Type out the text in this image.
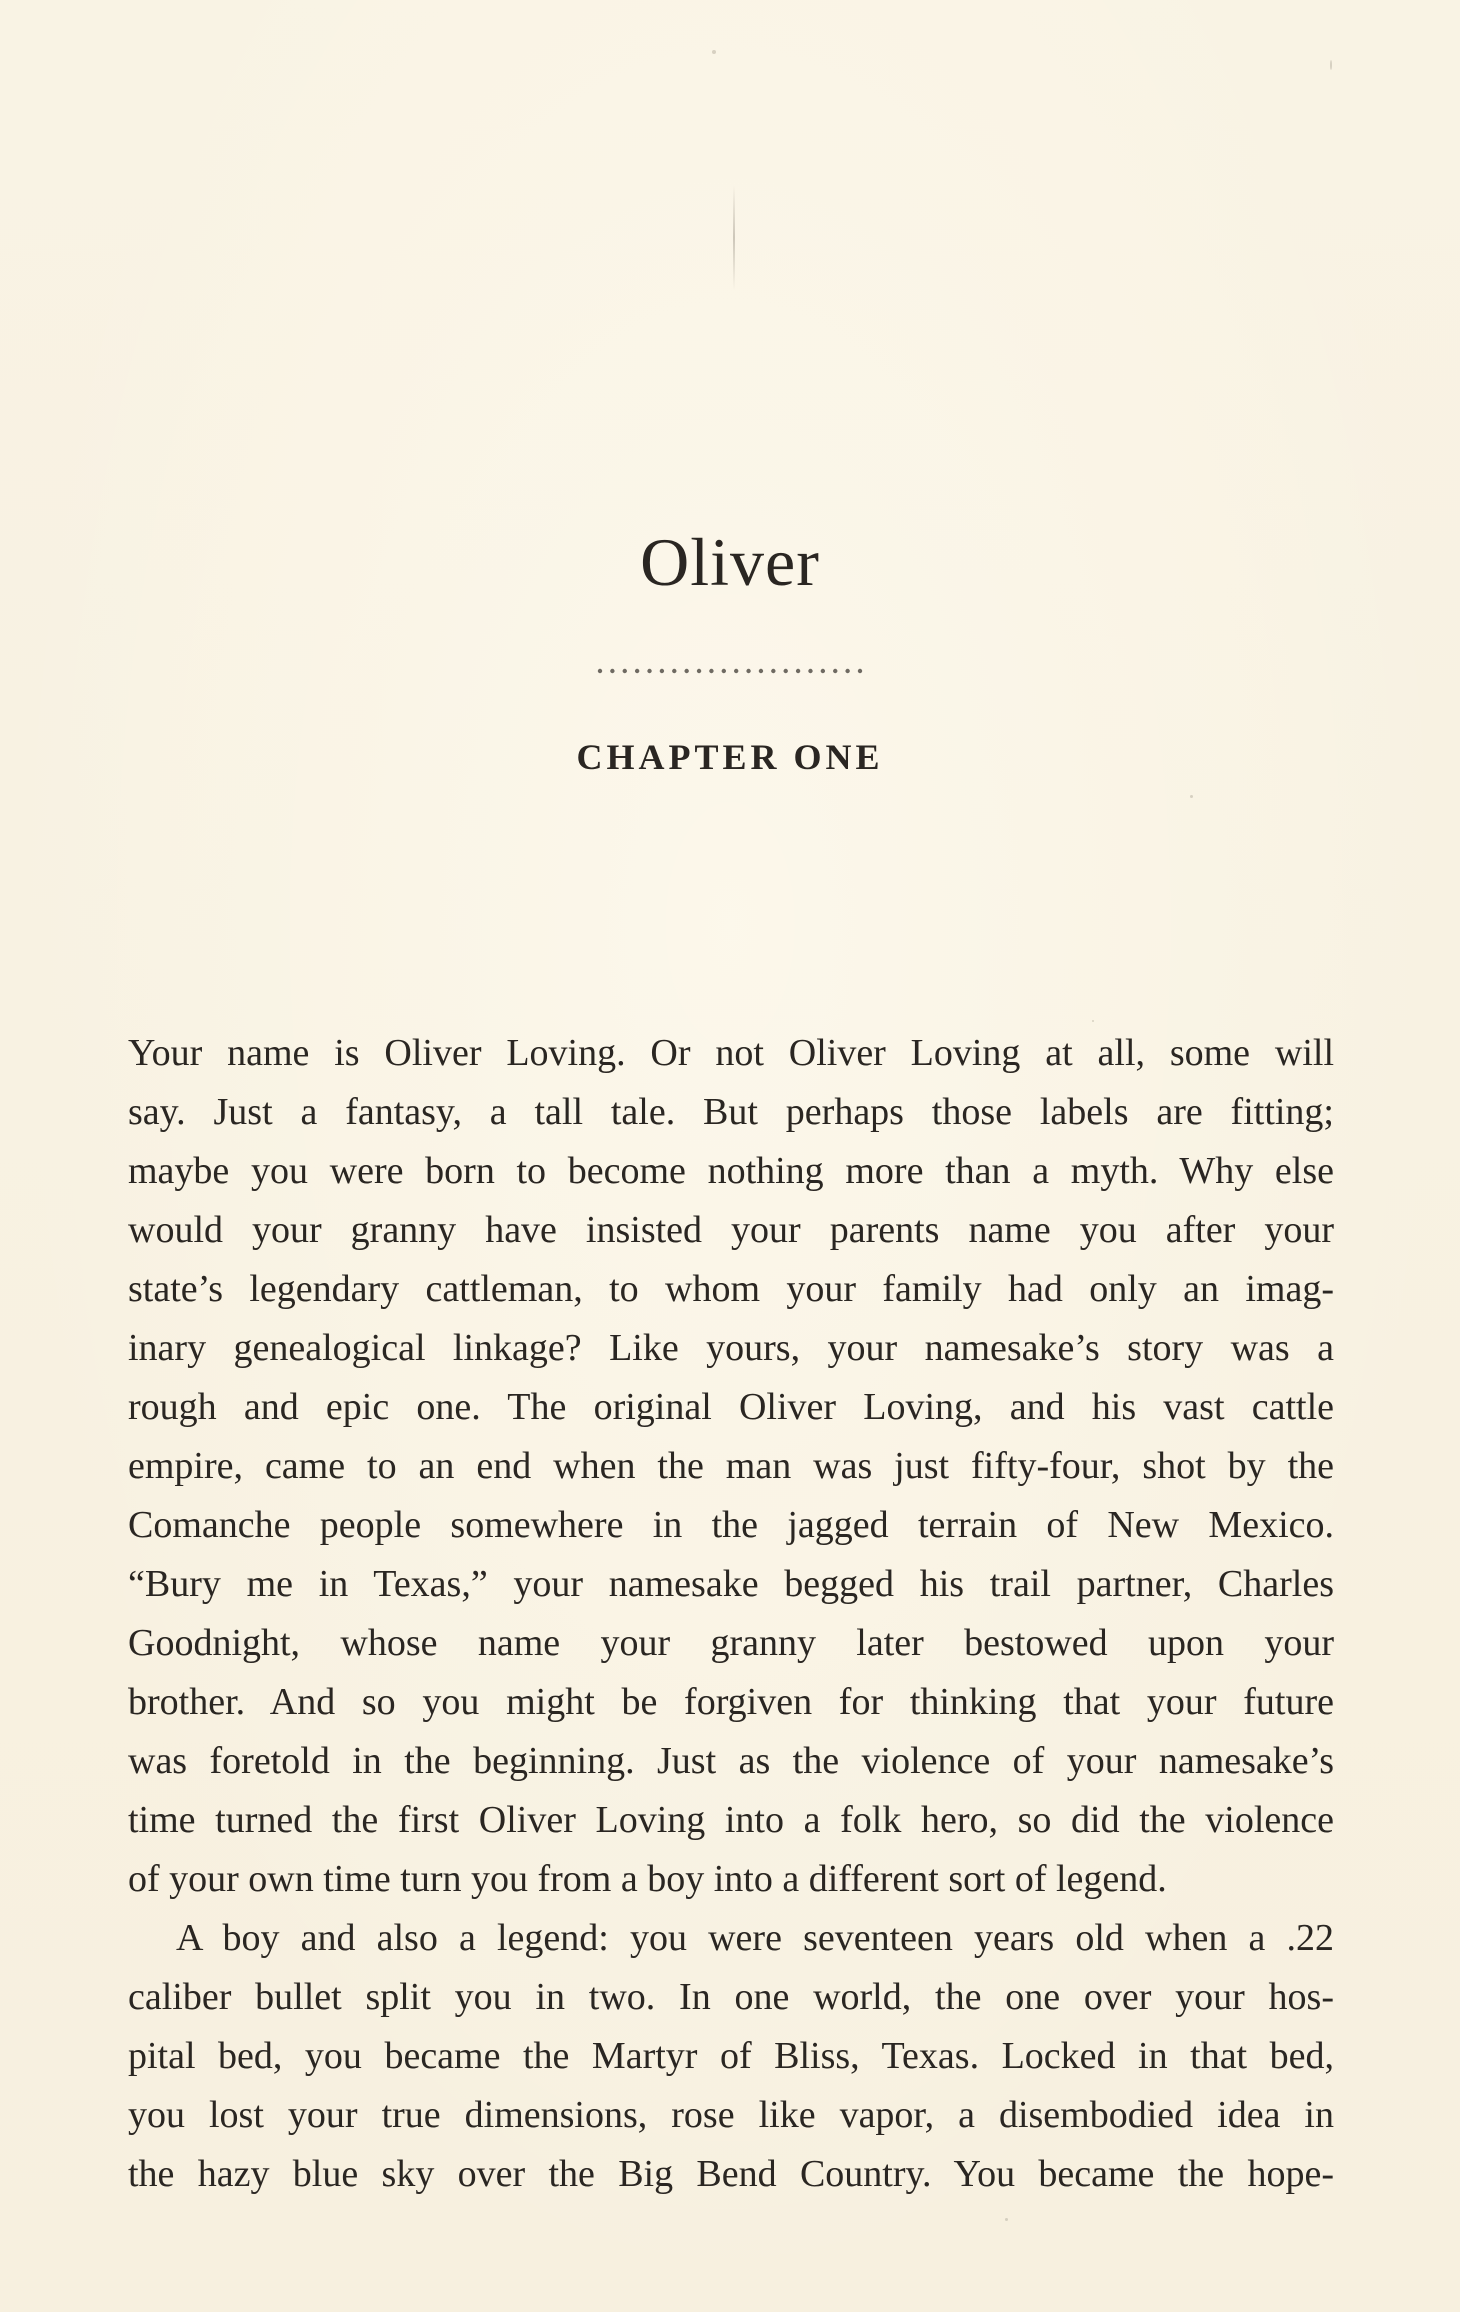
Oliver
CHAPTER ONE

Your name is Oliver Loving. Or not Oliver Loving at all, some will
say. Just a fantasy, a tall tale. But perhaps those labels are fitting;
maybe you were born to become nothing more than a myth. Why else
would your granny have insisted your parents name you after your
state’s legendary cattleman, to whom your family had only an imag-
inary genealogical linkage? Like yours, your namesake’s story was a
rough and epic one. The original Oliver Loving, and his vast cattle
empire, came to an end when the man was just fifty-four, shot by the
Comanche people somewhere in the jagged terrain of New Mexico.
“Bury me in Texas,” your namesake begged his trail partner, Charles
Goodnight, whose name your granny later bestowed upon your
brother. And so you might be forgiven for thinking that your future
was foretold in the beginning. Just as the violence of your namesake’s
time turned the first Oliver Loving into a folk hero, so did the violence
of your own time turn you from a boy into a different sort of legend.

A boy and also a legend: you were seventeen years old when a .22
caliber bullet split you in two. In one world, the one over your hos-
pital bed, you became the Martyr of Bliss, Texas. Locked in that bed,
you lost your true dimensions, rose like vapor, a disembodied idea in
the hazy blue sky over the Big Bend Country. You became the hope-
